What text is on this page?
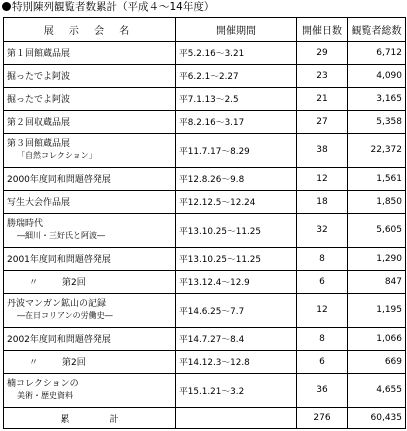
特別陳列観覧者数累計（平成４～14年度）
展 示 会 名	開催期間	開催日数	観覧者総数
第１回館蔵品展	平5.2.16～3.21	29	6,712
掘ったでよ阿波	平6.2.1～2.27	23	4,090
掘ったでよ阿波	平7.1.13～2.5	21	3,165
第２回収蔵品展	平8.2.16～3.17	27	5,358

第３回館蔵品展
「自然コレクション」	平11.7.17～8.29	38	22,372
2000年度同和問題啓発展	平12.8.26～9.8	12	1,561
写生大会作品展	平12.12.5～12.24	18	1,850

勝瑞時代
―細川・三好氏と阿波―	平13.10.25～11.25	32	5,605
2001年度同和問題啓発展	平13.10.25～11.25	8	1,290
〃 第2回	平13.12.4～12.9	6	847

丹波マンガン鉱山の記録
―在日コリアンの労働史―	平14.6.25～7.7	12	1,195
2002年度同和問題啓発展	平14.7.27～8.4	8	1,066
〃 第2回	平14.12.3～12.8	6	669

楠コレクションの
美術・歴史資料	平15.1.21～3.2	36	4,655
累 計		276	60,435
